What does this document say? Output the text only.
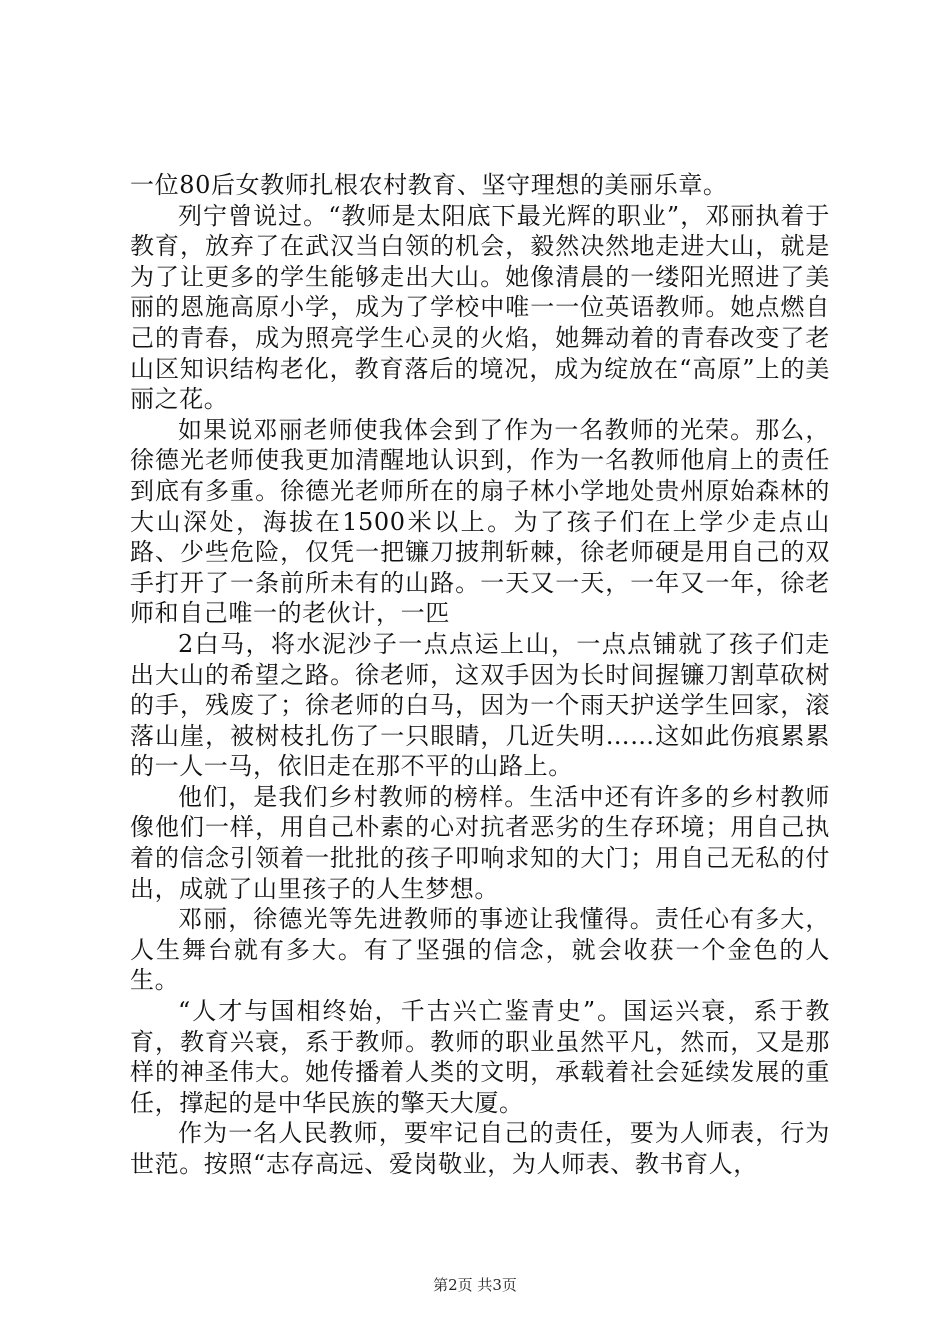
一位80后女教师扎根农村教育、坚守理想的美丽乐章。

列宁曾说过。“教师是太阳底下最光辉的职业”，邓丽执着于教育，放弃了在武汉当白领的机会，毅然决然地走进大山，就是为了让更多的学生能够走出大山。她像清晨的一缕阳光照进了美丽的恩施高原小学，成为了学校中唯一一位英语教师。她点燃自己的青春，成为照亮学生心灵的火焰，她舞动着的青春改变了老山区知识结构老化，教育落后的境况，成为绽放在“高原”上的美丽之花。

如果说邓丽老师使我体会到了作为一名教师的光荣。那么，徐德光老师使我更加清醒地认识到，作为一名教师他肩上的责任到底有多重。徐德光老师所在的扇子林小学地处贵州原始森林的大山深处，海拔在1500米以上。为了孩子们在上学少走点山路、少些危险，仅凭一把镰刀披荆斩棘，徐老师硬是用自己的双手打开了一条前所未有的山路。一天又一天，一年又一年，徐老师和自己唯一的老伙计，一匹

2白马，将水泥沙子一点点运上山，一点点铺就了孩子们走出大山的希望之路。徐老师，这双手因为长时间握镰刀割草砍树的手，残废了；徐老师的白马，因为一个雨天护送学生回家，滚落山崖，被树枝扎伤了一只眼睛，几近失明……这如此伤痕累累的一人一马，依旧走在那不平的山路上。

他们，是我们乡村教师的榜样。生活中还有许多的乡村教师像他们一样，用自己朴素的心对抗者恶劣的生存环境；用自己执着的信念引领着一批批的孩子叩响求知的大门；用自己无私的付出，成就了山里孩子的人生梦想。

邓丽，徐德光等先进教师的事迹让我懂得。责任心有多大，人生舞台就有多大。有了坚强的信念，就会收获一个金色的人生。

“人才与国相终始，千古兴亡鉴青史”。国运兴衰，系于教育，教育兴衰，系于教师。教师的职业虽然平凡，然而，又是那样的神圣伟大。她传播着人类的文明，承载着社会延续发展的重任，撑起的是中华民族的擎天大厦。

作为一名人民教师，要牢记自己的责任，要为人师表，行为世范。按照“志存高远、爱岗敬业，为人师表、教书育人，

第2页 共3页
